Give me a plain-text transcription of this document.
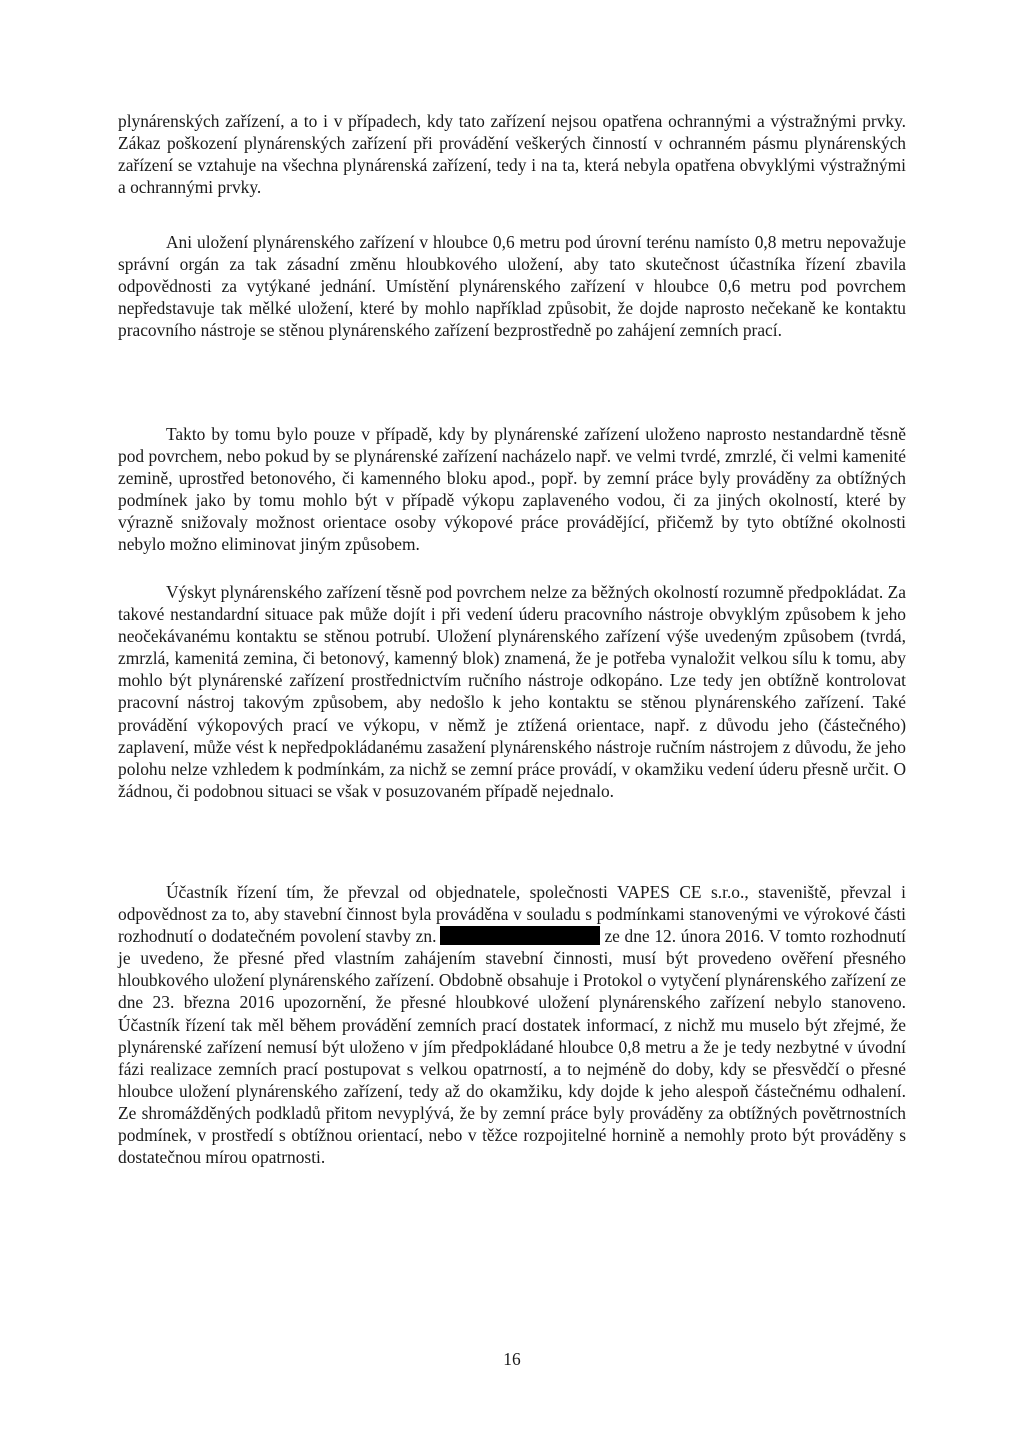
plynárenských zařízení, a to i v případech, kdy tato zařízení nejsou opatřena ochrannými a výstražnými prvky. Zákaz poškození plynárenských zařízení při provádění veškerých činností v ochranném pásmu plynárenských zařízení se vztahuje na všechna plynárenská zařízení, tedy i na ta, která nebyla opatřena obvyklými výstražnými a ochrannými prvky.

Ani uložení plynárenského zařízení v hloubce 0,6 metru pod úrovní terénu namísto 0,8 metru nepovažuje správní orgán za tak zásadní změnu hloubkového uložení, aby tato skutečnost účastníka řízení zbavila odpovědnosti za vytýkané jednání. Umístění plynárenského zařízení v hloubce 0,6 metru pod povrchem nepředstavuje tak mělké uložení, které by mohlo například způsobit, že dojde naprosto nečekaně ke kontaktu pracovního nástroje se stěnou plynárenského zařízení bezprostředně po zahájení zemních prací.

Takto by tomu bylo pouze v případě, kdy by plynárenské zařízení uloženo naprosto nestandardně těsně pod povrchem, nebo pokud by se plynárenské zařízení nacházelo např. ve velmi tvrdé, zmrzlé, či velmi kamenité zemině, uprostřed betonového, či kamenného bloku apod., popř. by zemní práce byly prováděny za obtížných podmínek jako by tomu mohlo být v případě výkopu zaplaveného vodou, či za jiných okolností, které by výrazně snižovaly možnost orientace osoby výkopové práce provádějící, přičemž by tyto obtížné okolnosti nebylo možno eliminovat jiným způsobem.

Výskyt plynárenského zařízení těsně pod povrchem nelze za běžných okolností rozumně předpokládat. Za takové nestandardní situace pak může dojít i při vedení úderu pracovního nástroje obvyklým způsobem k jeho neočekávanému kontaktu se stěnou potrubí. Uložení plynárenského zařízení výše uvedeným způsobem (tvrdá, zmrzlá, kamenitá zemina, či betonový, kamenný blok) znamená, že je potřeba vynaložit velkou sílu k tomu, aby mohlo být plynárenské zařízení prostřednictvím ručního nástroje odkopáno. Lze tedy jen obtížně kontrolovat pracovní nástroj takovým způsobem, aby nedošlo k jeho kontaktu se stěnou plynárenského zařízení. Také provádění výkopových prací ve výkopu, v němž je ztížená orientace, např. z důvodu jeho (částečného) zaplavení, může vést k nepředpokládanému zasažení plynárenského nástroje ručním nástrojem z důvodu, že jeho polohu nelze vzhledem k podmínkám, za nichž se zemní práce provádí, v okamžiku vedení úderu přesně určit. O žádnou, či podobnou situaci se však v posuzovaném případě nejednalo.

Účastník řízení tím, že převzal od objednatele, společnosti VAPES CE s.r.o., staveniště, převzal i odpovědnost za to, aby stavební činnost byla prováděna v souladu s podmínkami stanovenými ve výrokové části rozhodnutí o dodatečném povolení stavby zn.	ze dne 12. února 2016. V tomto rozhodnutí je uvedeno, že přesné před vlastním zahájením stavební činnosti, musí být provedeno ověření přesného hloubkového uložení plynárenského zařízení. Obdobně obsahuje i Protokol o vytyčení plynárenského zařízení ze dne 23. března 2016 upozornění, že přesné hloubkové uložení plynárenského zařízení nebylo stanoveno. Účastník řízení tak měl během provádění zemních prací dostatek informací, z nichž mu muselo být zřejmé, že plynárenské zařízení nemusí být uloženo v jím předpokládané hloubce 0,8 metru a že je tedy nezbytné v úvodní fázi realizace zemních prací postupovat s velkou opatrností, a to nejméně do doby, kdy se přesvědčí o přesné hloubce uložení plynárenského zařízení, tedy až do okamžiku, kdy dojde k jeho alespoň částečnému odhalení. Ze shromážděných podkladů přitom nevyplývá, že by zemní práce byly prováděny za obtížných povětrnostních podmínek, v prostředí s obtížnou orientací, nebo v těžce rozpojitelné hornině a nemohly proto být prováděny s dostatečnou mírou opatrnosti.

16
